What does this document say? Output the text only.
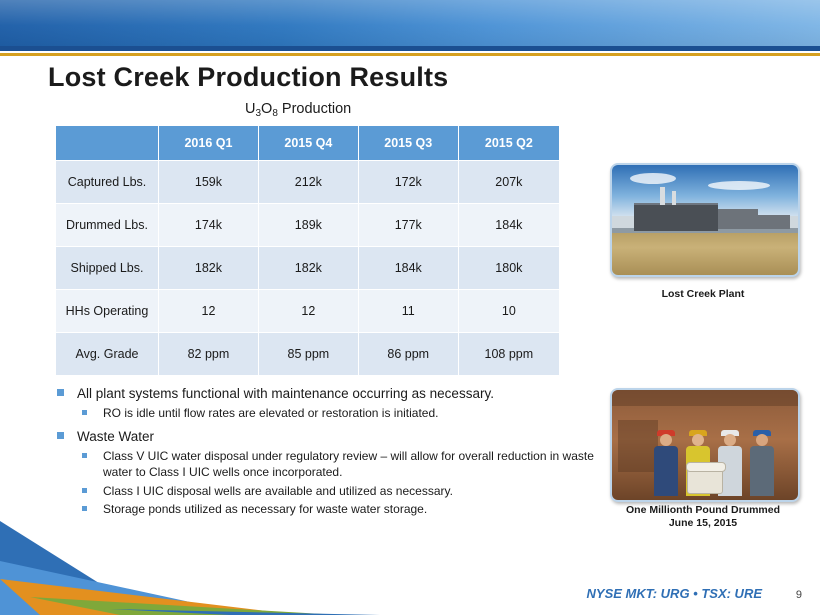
Lost Creek Production Results
$U_3O_8$ Production
	2016 Q1	2015 Q4	2015 Q3	2015 Q2
Captured Lbs.	159k	212k	172k	207k
Drummed Lbs.	174k	189k	177k	184k
Shipped Lbs.	182k	182k	184k	180k
HHs Operating	12	12	11	10
Avg. Grade	82 ppm	85 ppm	86 ppm	108 ppm
All plant systems functional with maintenance occurring as necessary.
RO is idle until flow rates are elevated or restoration is initiated.
Waste Water
Class V UIC water disposal under regulatory review – will allow for overall reduction in waste water to Class I UIC wells once incorporated.
Class I UIC disposal wells are available and utilized as necessary.
Storage ponds utilized as necessary for waste water storage.
Lost Creek Plant
One Millionth Pound Drummed
June 15, 2015
NYSE MKT: URG • TSX: URE	9
